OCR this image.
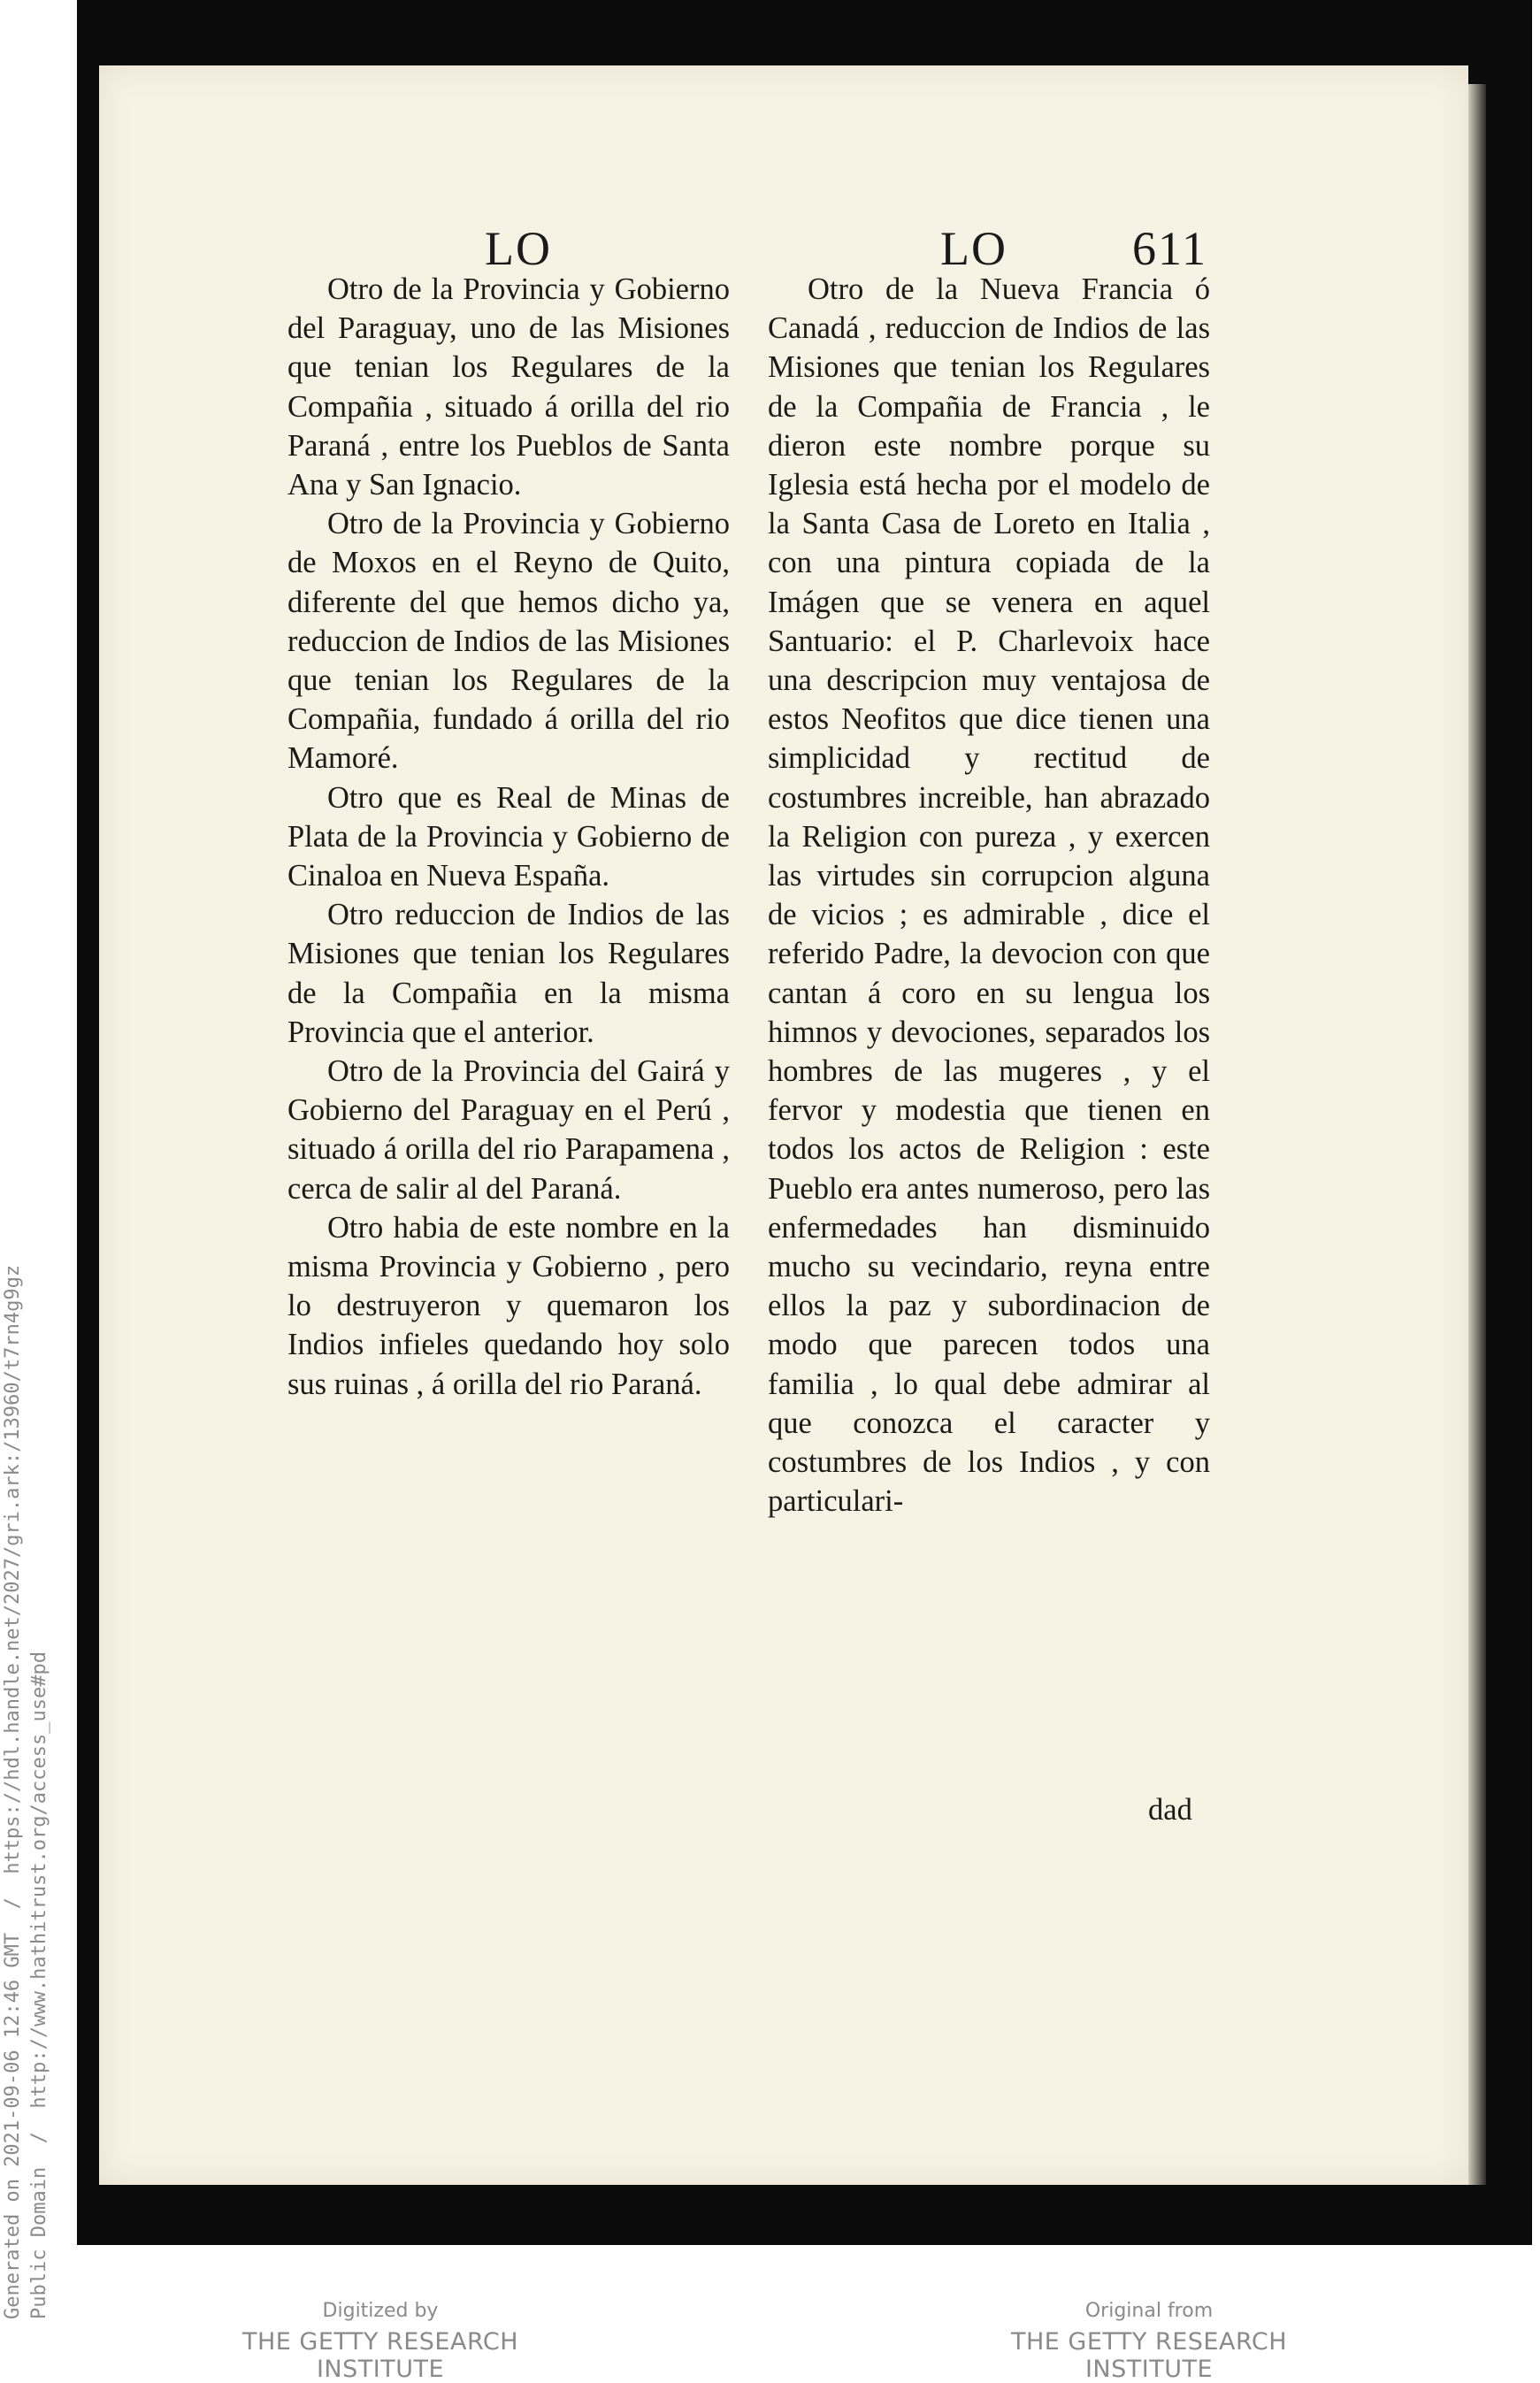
LO	LO	611

Otro de la Provincia y Gobierno del Paraguay, uno de las Misiones que tenian los Regulares de la Compañia , situado á orilla del rio Paraná , entre los Pueblos de Santa Ana y San Ignacio.

Otro de la Provincia y Gobierno de Moxos en el Reyno de Quito, diferente del que hemos dicho ya, reduccion de Indios de las Misiones que tenian los Regulares de la Compañia, fundado á orilla del rio Mamoré.

Otro que es Real de Minas de Plata de la Provincia y Gobierno de Cinaloa en Nueva España.

Otro reduccion de Indios de las Misiones que tenian los Regulares de la Compañia en la misma Provincia que el anterior.

Otro de la Provincia del Gairá y Gobierno del Paraguay en el Perú , situado á orilla del rio Parapamena , cerca de salir al del Paraná.

Otro habia de este nombre en la misma Provincia y Gobierno , pero lo destruyeron y quemaron los Indios infieles quedando hoy solo sus ruinas , á orilla del rio Paraná.

Otro de la Nueva Francia ó Canadá , reduccion de Indios de las Misiones que tenian los Regulares de la Compañia de Francia , le dieron este nombre porque su Iglesia está hecha por el modelo de la Santa Casa de Loreto en Italia , con una pintura copiada de la Imágen que se venera en aquel Santuario: el P. Charlevoix hace una descripcion muy ventajosa de estos Neofitos que dice tienen una simplicidad y rectitud de costumbres increible, han abrazado la Religion con pureza , y exercen las virtudes sin corrupcion alguna de vicios ; es admirable , dice el referido Padre, la devocion con que cantan á coro en su lengua los himnos y devociones, separados los hombres de las mugeres , y el fervor y modestia que tienen en todos los actos de Religion : este Pueblo era antes numeroso, pero las enfermedades han disminuido mucho su vecindario, reyna entre ellos la paz y subordinacion de modo que parecen todos una familia , lo qual debe admirar al que conozca el caracter y costumbres de los Indios , y con particulari-

dad
Generated on 2021-09-06 12:46 GMT  /  https://hdl.handle.net/2027/gri.ark:/13960/t7rn4g9gz Public Domain  /  http://www.hathitrust.org/access_use#pd	Digitized by
THE GETTY RESEARCH INSTITUTE
Original from
THE GETTY RESEARCH INSTITUTE
